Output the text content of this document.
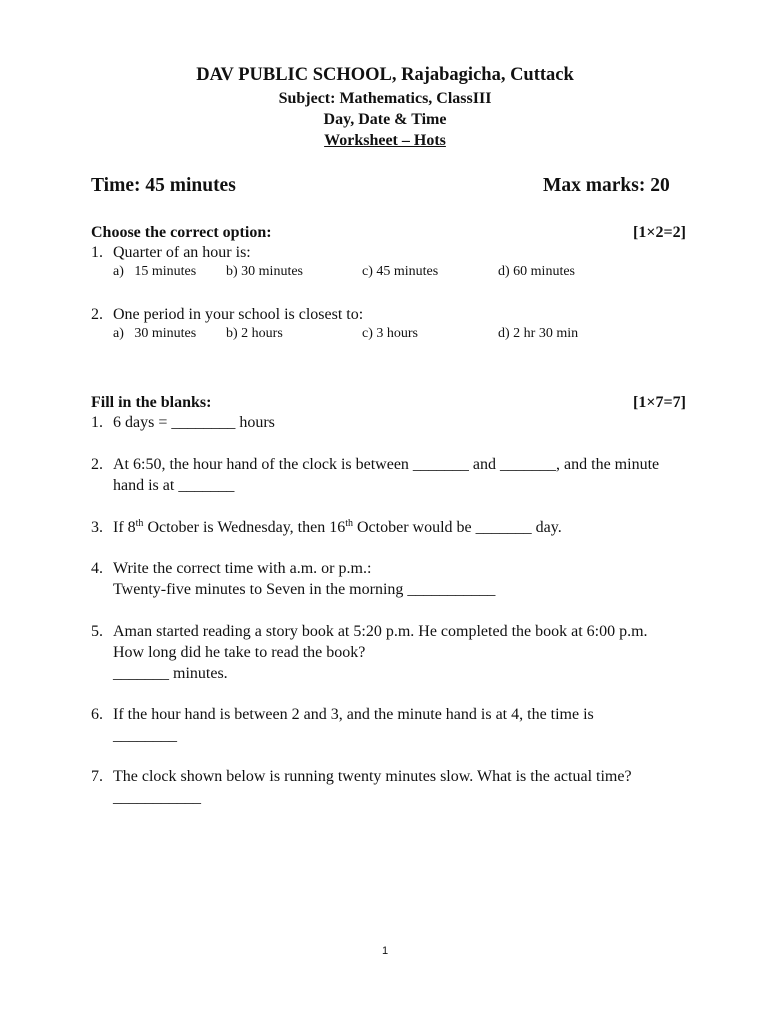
DAV PUBLIC SCHOOL, Rajabagicha, Cuttack
Subject: Mathematics, ClassIII
Day, Date & Time
Worksheet – Hots
Time: 45 minutes	Max marks: 20
Choose the correct option:	[1×2=2]
1. Quarter of an hour is:
a) 15 minutes b) 30 minutes	c) 45 minutes	d) 60 minutes
2. One period in your school is closest to:
a) 30 minutes b) 2 hours	c) 3 hours	d) 2 hr 30 min
Fill in the blanks:	[1×7=7]
1. 6 days = ________ hours
2. At 6:50, the hour hand of the clock is between _______ and _______, and the minute
hand is at _______
3. If 8th October is Wednesday, then 16th October would be _______ day.
4. Write the correct time with a.m. or p.m.:
Twenty-five minutes to Seven in the morning ___________
5. Aman started reading a story book at 5:20 p.m. He completed the book at 6:00 p.m.
How long did he take to read the book?
_______ minutes.
6. If the hour hand is between 2 and 3, and the minute hand is at 4, the time is
________
7. The clock shown below is running twenty minutes slow. What is the actual time?
___________
1
